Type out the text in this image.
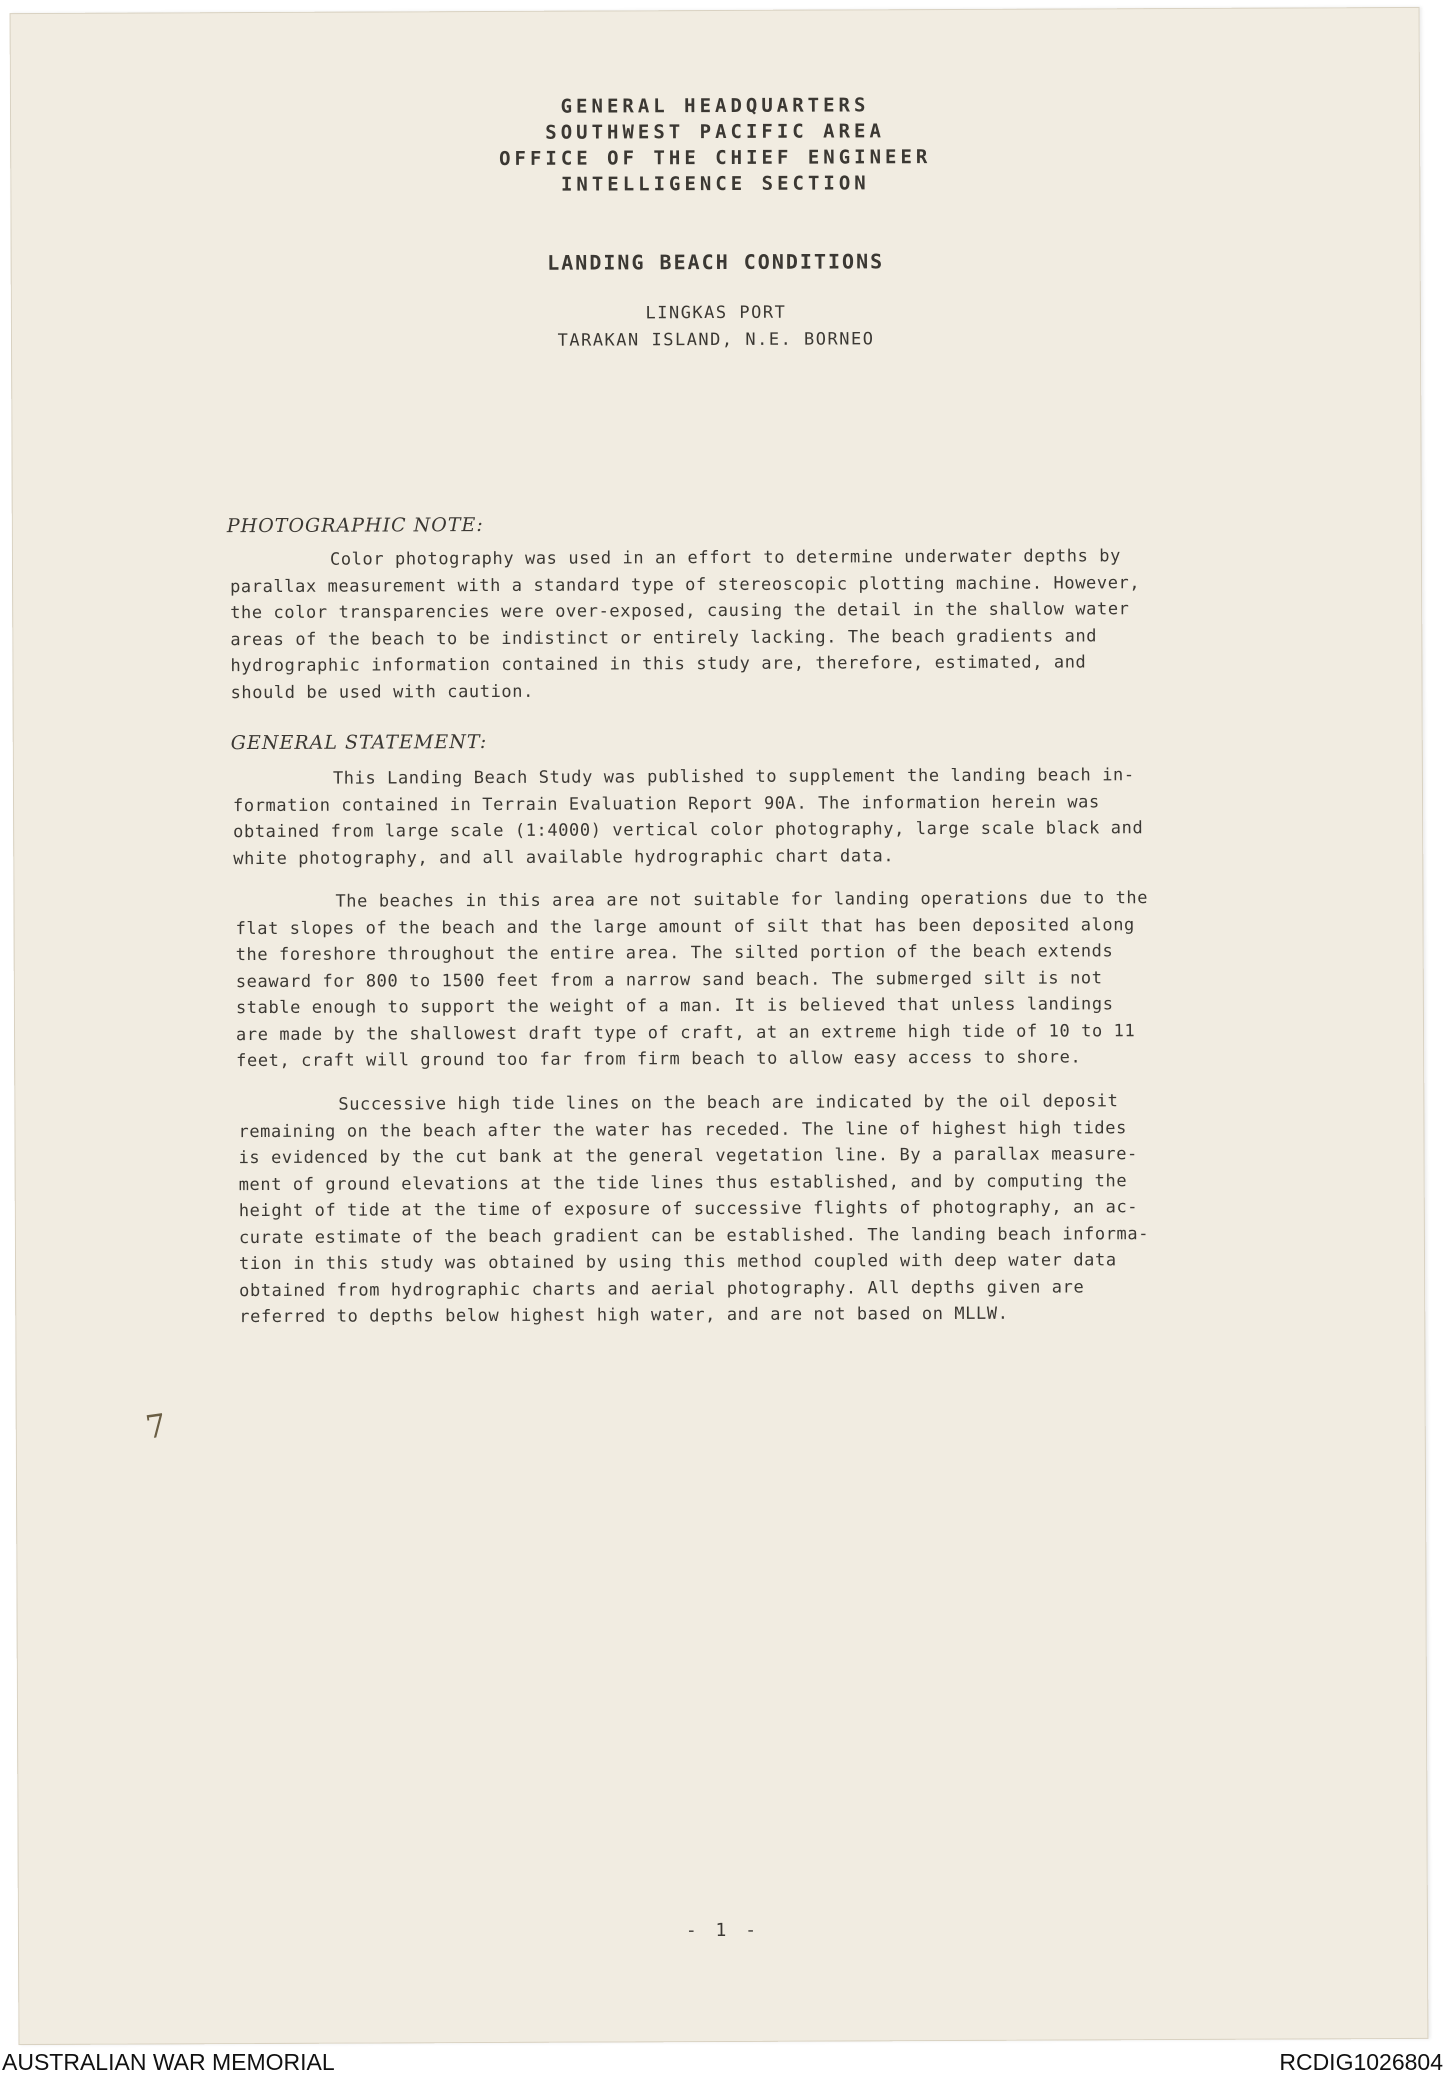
GENERAL HEADQUARTERS
SOUTHWEST PACIFIC AREA
OFFICE OF THE CHIEF ENGINEER
INTELLIGENCE SECTION
LANDING BEACH CONDITIONS
LINGKAS PORT
TARAKAN ISLAND, N.E. BORNEO
PHOTOGRAPHIC NOTE:

Color photography was used in an effort to determine underwater depths by
parallax measurement with a standard type of stereoscopic plotting machine. However,
the color transparencies were over-exposed, causing the detail in the shallow water
areas of the beach to be indistinct or entirely lacking. The beach gradients and
hydrographic information contained in this study are, therefore, estimated, and
should be used with caution.

GENERAL STATEMENT:

This Landing Beach Study was published to supplement the landing beach in-
formation contained in Terrain Evaluation Report 90A. The information herein was
obtained from large scale (1:4000) vertical color photography, large scale black and
white photography, and all available hydrographic chart data.

The beaches in this area are not suitable for landing operations due to the
flat slopes of the beach and the large amount of silt that has been deposited along
the foreshore throughout the entire area. The silted portion of the beach extends
seaward for 800 to 1500 feet from a narrow sand beach. The submerged silt is not
stable enough to support the weight of a man. It is believed that unless landings
are made by the shallowest draft type of craft, at an extreme high tide of 10 to 11
feet, craft will ground too far from firm beach to allow easy access to shore.

Successive high tide lines on the beach are indicated by the oil deposit
remaining on the beach after the water has receded. The line of highest high tides
is evidenced by the cut bank at the general vegetation line. By a parallax measure-
ment of ground elevations at the tide lines thus established, and by computing the
height of tide at the time of exposure of successive flights of photography, an ac-
curate estimate of the beach gradient can be established. The landing beach informa-
tion in this study was obtained by using this method coupled with deep water data
obtained from hydrographic charts and aerial photography. All depths given are
referred to depths below highest high water, and are not based on MLLW.

7
- 1 -
AUSTRALIAN WAR MEMORIAL	RCDIG1026804
